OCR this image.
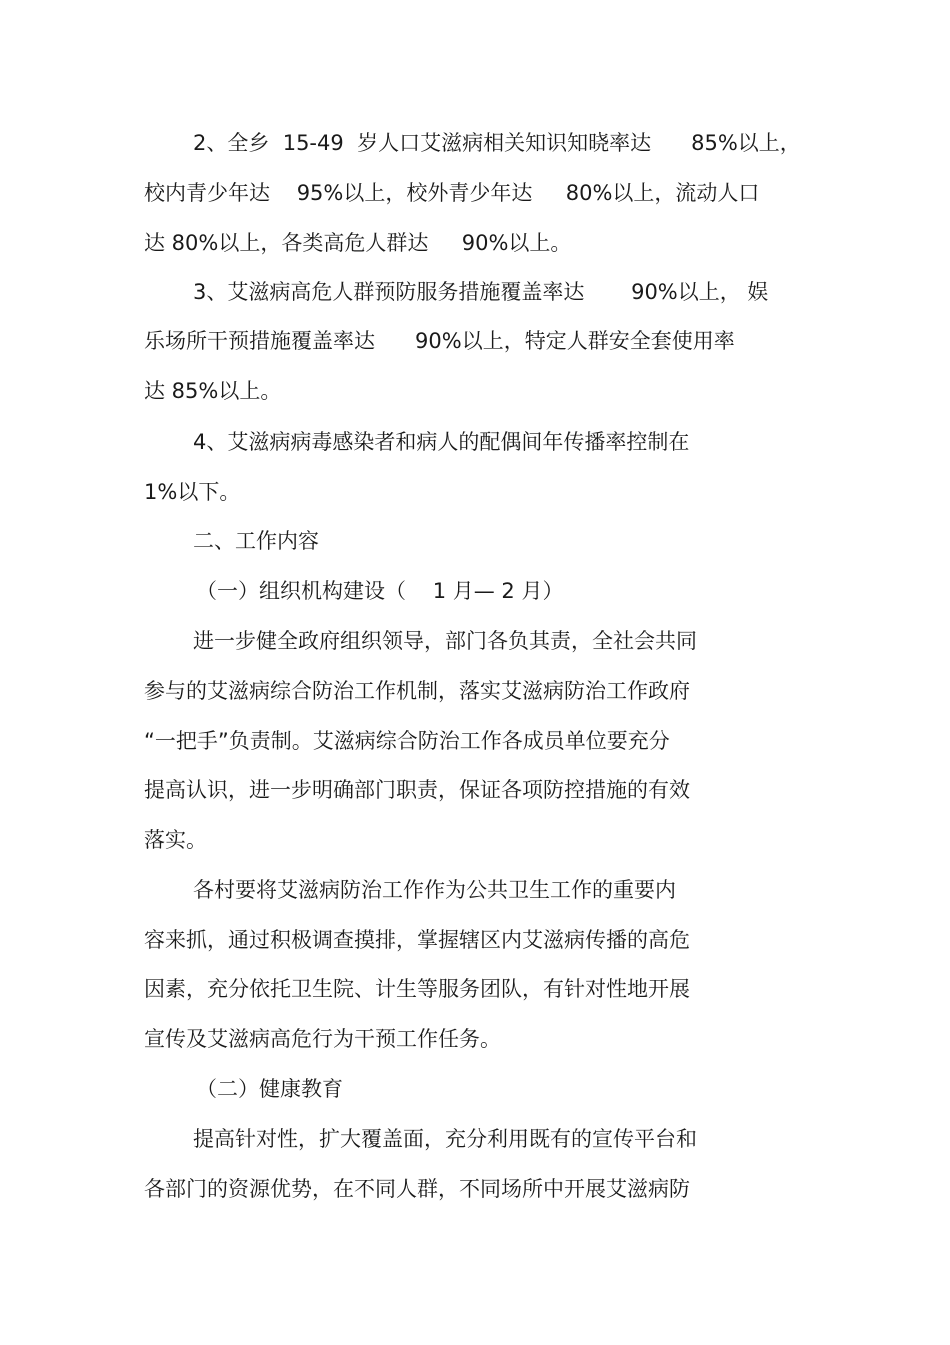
2、全乡  15-49  岁人口艾滋病相关知识知晓率达      85%以上，
校内青少年达    95%以上，校外青少年达     80%以上，流动人口
达 80%以上，各类高危人群达     90%以上。
3、艾滋病高危人群预防服务措施覆盖率达       90%以上， 娱
乐场所干预措施覆盖率达      90%以上，特定人群安全套使用率
达 85%以上。
4、艾滋病病毒感染者和病人的配偶间年传播率控制在
1%以下。
二、工作内容
（一）组织机构建设（    1 月— 2 月）
进一步健全政府组织领导，部门各负其责，全社会共同
参与的艾滋病综合防治工作机制，落实艾滋病防治工作政府
“一把手”负责制。艾滋病综合防治工作各成员单位要充分
提高认识，进一步明确部门职责，保证各项防控措施的有效
落实。
各村要将艾滋病防治工作作为公共卫生工作的重要内
容来抓，通过积极调查摸排，掌握辖区内艾滋病传播的高危
因素，充分依托卫生院、计生等服务团队，有针对性地开展
宣传及艾滋病高危行为干预工作任务。
（二）健康教育
提高针对性，扩大覆盖面，充分利用既有的宣传平台和
各部门的资源优势，在不同人群，不同场所中开展艾滋病防
